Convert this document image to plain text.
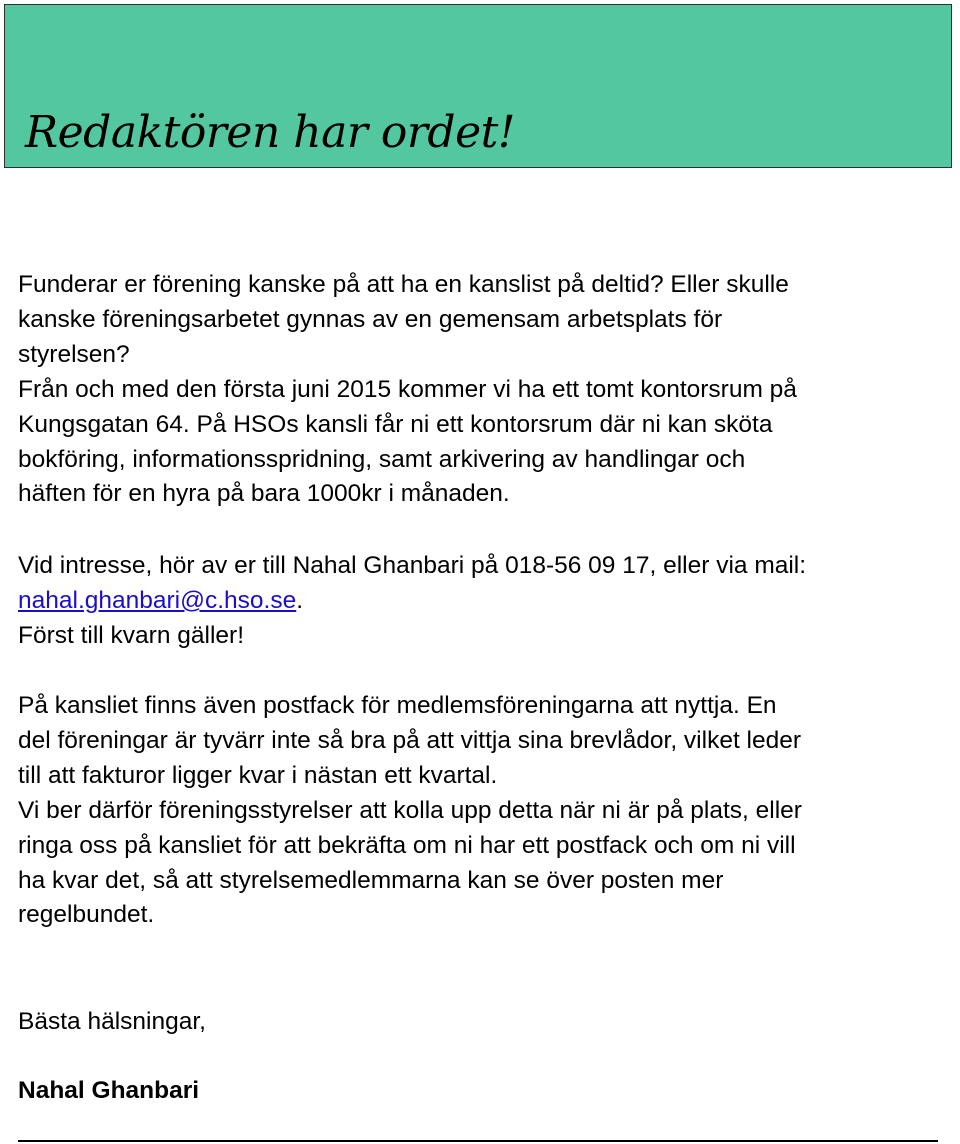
Redaktören har ordet!

Funderar er förening kanske på att ha en kanslist på deltid? Eller skulle
kanske föreningsarbetet gynnas av en gemensam arbetsplats för
styrelsen?
Från och med den första juni 2015 kommer vi ha ett tomt kontorsrum på
Kungsgatan 64. På HSOs kansli får ni ett kontorsrum där ni kan sköta
bokföring, informationsspridning, samt arkivering av handlingar och
häften för en hyra på bara 1000kr i månaden.

Vid intresse, hör av er till Nahal Ghanbari på 018-56 09 17, eller via mail:
nahal.ghanbari@c.hso.se.
Först till kvarn gäller!

På kansliet finns även postfack för medlemsföreningarna att nyttja. En
del föreningar är tyvärr inte så bra på att vittja sina brevlådor, vilket leder
till att fakturor ligger kvar i nästan ett kvartal.
Vi ber därför föreningsstyrelser att kolla upp detta när ni är på plats, eller
ringa oss på kansliet för att bekräfta om ni har ett postfack och om ni vill
ha kvar det, så att styrelsemedlemmarna kan se över posten mer
regelbundet.

Bästa hälsningar,

Nahal Ghanbari
